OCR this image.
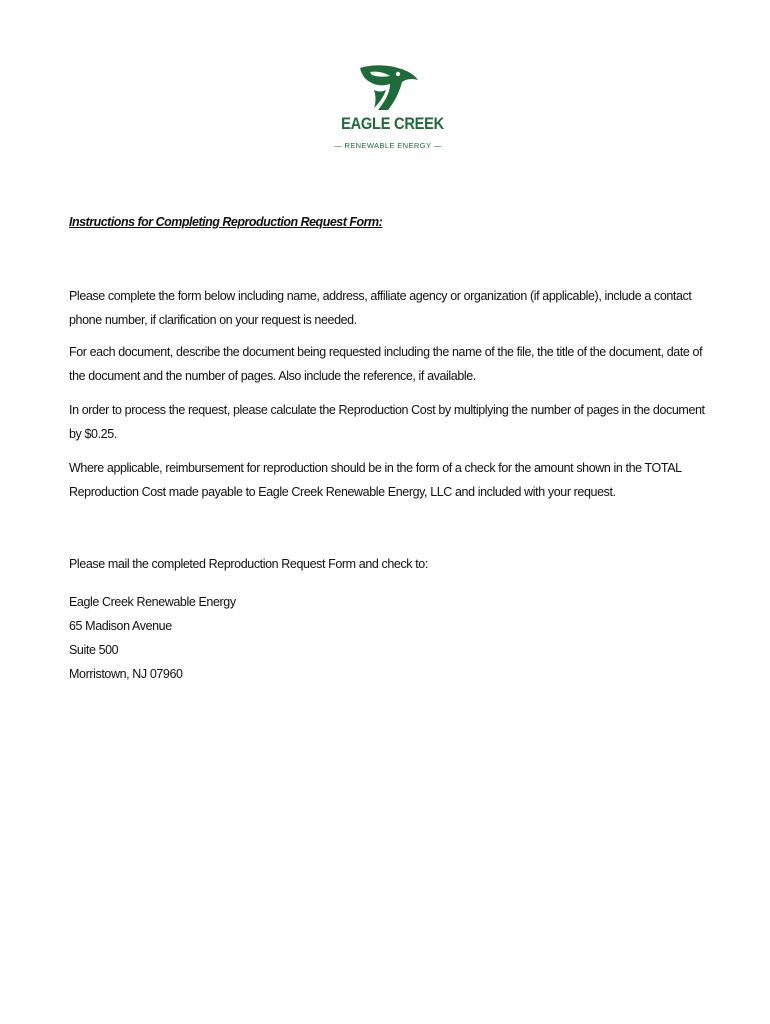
EAGLE CREEK
— RENEWABLE ENERGY —

Instructions for Completing Reproduction Request Form:

Please complete the form below including name, address, affiliate agency or organization (if applicable), include a contact phone number, if clarification on your request is needed.

For each document, describe the document being requested including the name of the file, the title of the document, date of the document and the number of pages. Also include the reference, if available.

In order to process the request, please calculate the Reproduction Cost by multiplying the number of pages in the document by $0.25.

Where applicable, reimbursement for reproduction should be in the form of a check for the amount shown in the TOTAL Reproduction Cost made payable to Eagle Creek Renewable Energy, LLC and included with your request.

Please mail the completed Reproduction Request Form and check to:

Eagle Creek Renewable Energy
65 Madison Avenue
Suite 500
Morristown, NJ 07960
